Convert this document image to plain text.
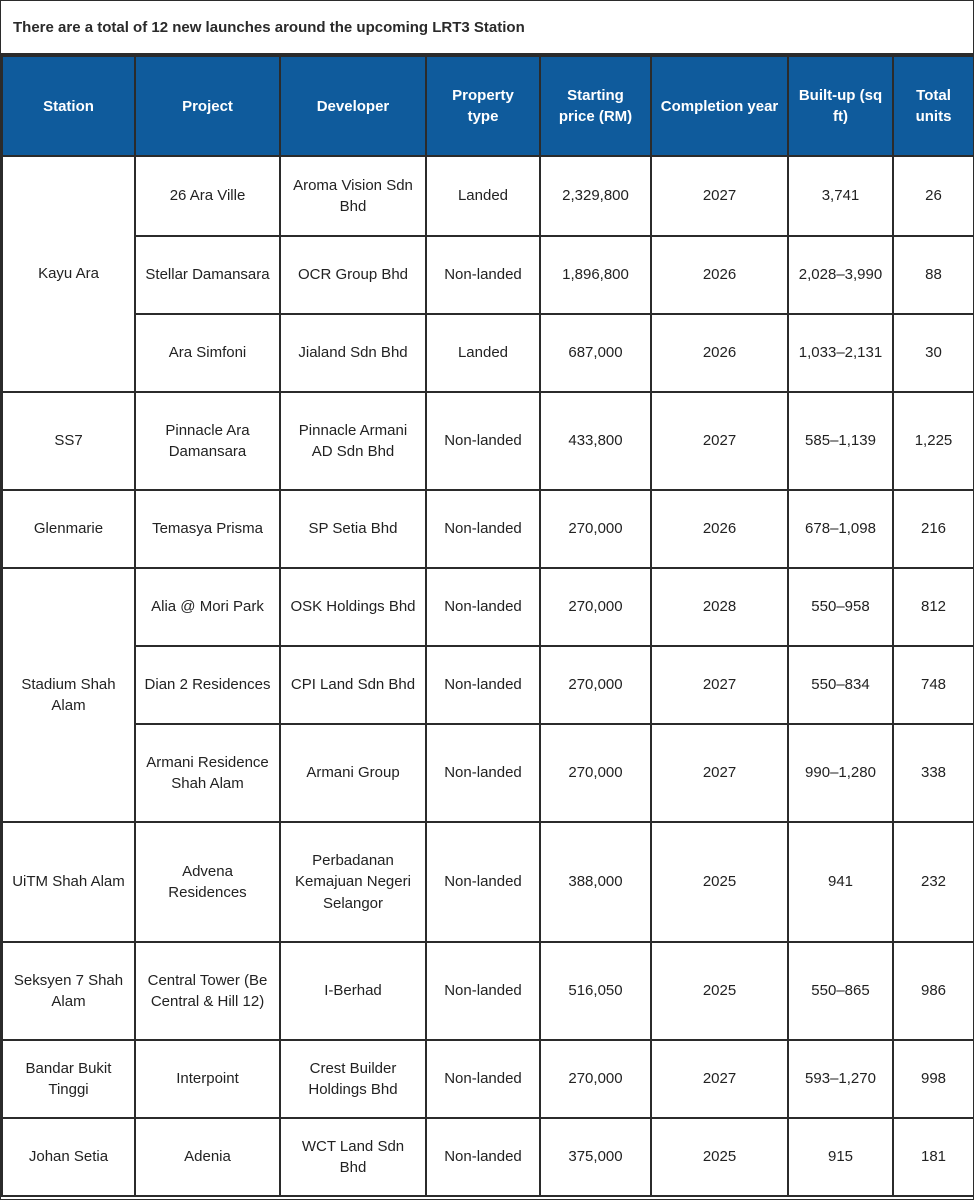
There are a total of 12 new launches around the upcoming LRT3 Station
Station	Project	Developer	Property type	Starting price (RM)	Completion year	Built-up (sq ft)	Total units
Kayu Ara	26 Ara Ville	Aroma Vision Sdn Bhd	Landed	2,329,800	2027	3,741	26
	Stellar Damansara	OCR Group Bhd	Non-landed	1,896,800	2026	2,028–3,990	88
	Ara Simfoni	Jialand Sdn Bhd	Landed	687,000	2026	1,033–2,131	30
SS7	Pinnacle Ara Damansara	Pinnacle Armani AD Sdn Bhd	Non-landed	433,800	2027	585–1,139	1,225
Glenmarie	Temasya Prisma	SP Setia Bhd	Non-landed	270,000	2026	678–1,098	216
Stadium Shah Alam	Alia @ Mori Park	OSK Holdings Bhd	Non-landed	270,000	2028	550–958	812
	Dian 2 Residences	CPI Land Sdn Bhd	Non-landed	270,000	2027	550–834	748
	Armani Residence Shah Alam	Armani Group	Non-landed	270,000	2027	990–1,280	338
UiTM Shah Alam	Advena Residences	Perbadanan Kemajuan Negeri Selangor	Non-landed	388,000	2025	941	232
Seksyen 7 Shah Alam	Central Tower (Be Central & Hill 12)	I-Berhad	Non-landed	516,050	2025	550–865	986
Bandar Bukit Tinggi	Interpoint	Crest Builder Holdings Bhd	Non-landed	270,000	2027	593–1,270	998
Johan Setia	Adenia	WCT Land Sdn Bhd	Non-landed	375,000	2025	915	181
